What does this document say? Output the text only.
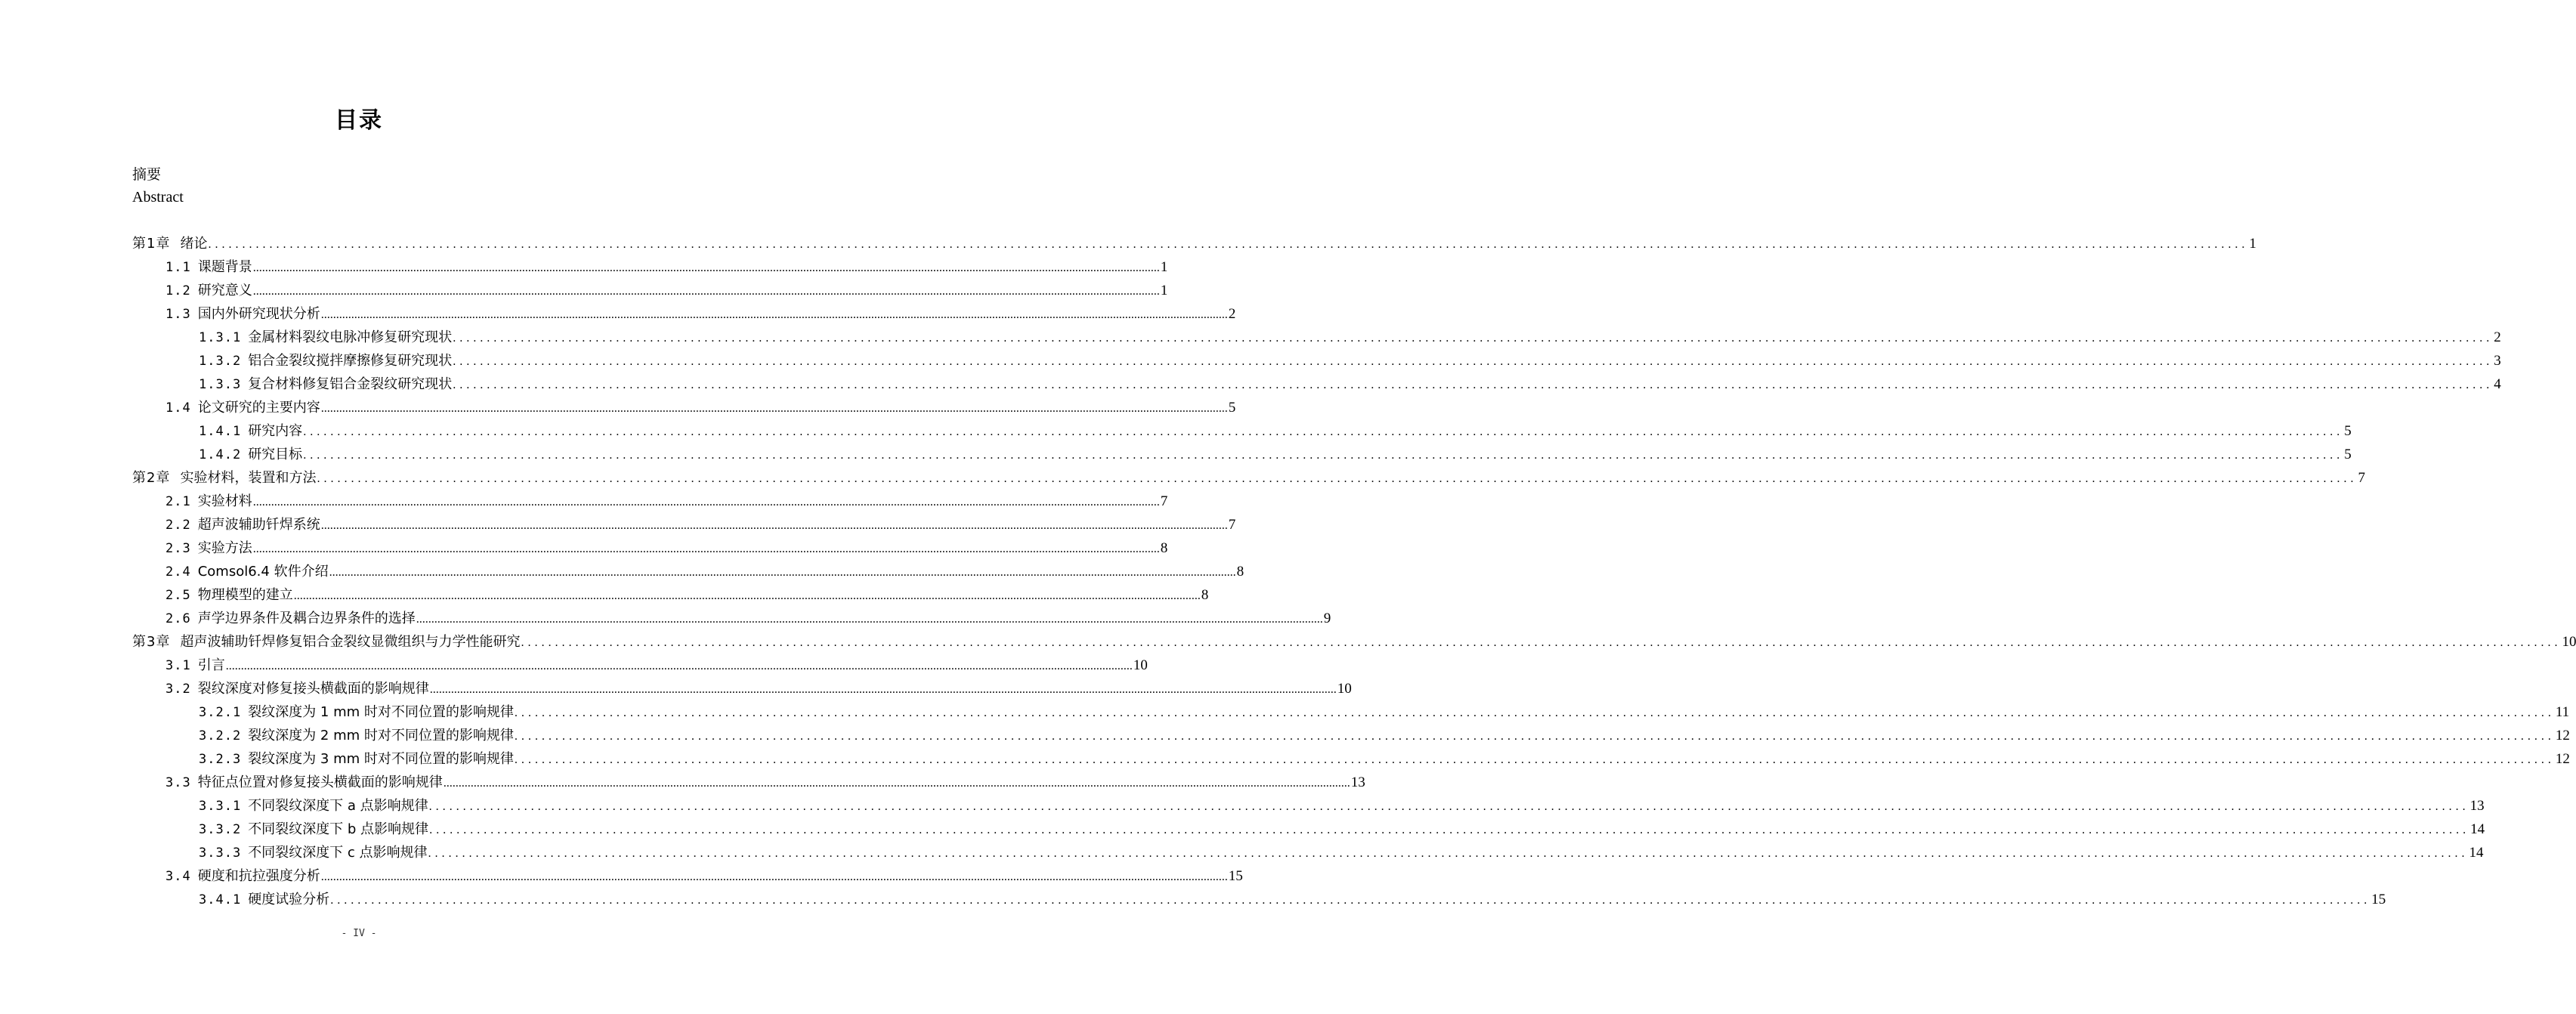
目录
摘要
Abstract
第1章 绪论 ............................................................................................................................................................................................................................................................................................................ 1
1.1 课题背景 ............................................................................................................................................................................................................................................................................................................ 1
1.2 研究意义 ............................................................................................................................................................................................................................................................................................................ 1
1.3 国内外研究现状分析 ............................................................................................................................................................................................................................................................................................................ 2
1.3.1 金属材料裂纹电脉冲修复研究现状 ............................................................................................................................................................................................................................................................................................................ 2
1.3.2 铝合金裂纹搅拌摩擦修复研究现状 ............................................................................................................................................................................................................................................................................................................ 3
1.3.3 复合材料修复铝合金裂纹研究现状 ............................................................................................................................................................................................................................................................................................................ 4
1.4 论文研究的主要内容 ............................................................................................................................................................................................................................................................................................................ 5
1.4.1 研究内容 ............................................................................................................................................................................................................................................................................................................ 5
1.4.2 研究目标 ............................................................................................................................................................................................................................................................................................................ 5
第2章 实验材料，装置和方法 ............................................................................................................................................................................................................................................................................................................ 7
2.1 实验材料 ............................................................................................................................................................................................................................................................................................................ 7
2.2 超声波辅助钎焊系统 ............................................................................................................................................................................................................................................................................................................ 7
2.3 实验方法 ............................................................................................................................................................................................................................................................................................................ 8
2.4 Comsol6.4 软件介绍 ............................................................................................................................................................................................................................................................................................................ 8
2.5 物理模型的建立 ............................................................................................................................................................................................................................................................................................................ 8
2.6 声学边界条件及耦合边界条件的选择 ............................................................................................................................................................................................................................................................................................................ 9
第3章 超声波辅助钎焊修复铝合金裂纹显微组织与力学性能研究 ............................................................................................................................................................................................................................................................................................................ 10
3.1 引言 ............................................................................................................................................................................................................................................................................................................ 10
3.2 裂纹深度对修复接头横截面的影响规律 ............................................................................................................................................................................................................................................................................................................ 10
3.2.1 裂纹深度为 1 mm 时对不同位置的影响规律 ............................................................................................................................................................................................................................................................................................................ 11
3.2.2 裂纹深度为 2 mm 时对不同位置的影响规律 ............................................................................................................................................................................................................................................................................................................ 12
3.2.3 裂纹深度为 3 mm 时对不同位置的影响规律 ............................................................................................................................................................................................................................................................................................................ 12
3.3 特征点位置对修复接头横截面的影响规律 ............................................................................................................................................................................................................................................................................................................ 13
3.3.1 不同裂纹深度下 a 点影响规律 ............................................................................................................................................................................................................................................................................................................ 13
3.3.2 不同裂纹深度下 b 点影响规律 ............................................................................................................................................................................................................................................................................................................ 14
3.3.3 不同裂纹深度下 c 点影响规律 ............................................................................................................................................................................................................................................................................................................ 14
3.4 硬度和抗拉强度分析 ............................................................................................................................................................................................................................................................................................................ 15
3.4.1 硬度试验分析 ............................................................................................................................................................................................................................................................................................................ 15
- IV -
